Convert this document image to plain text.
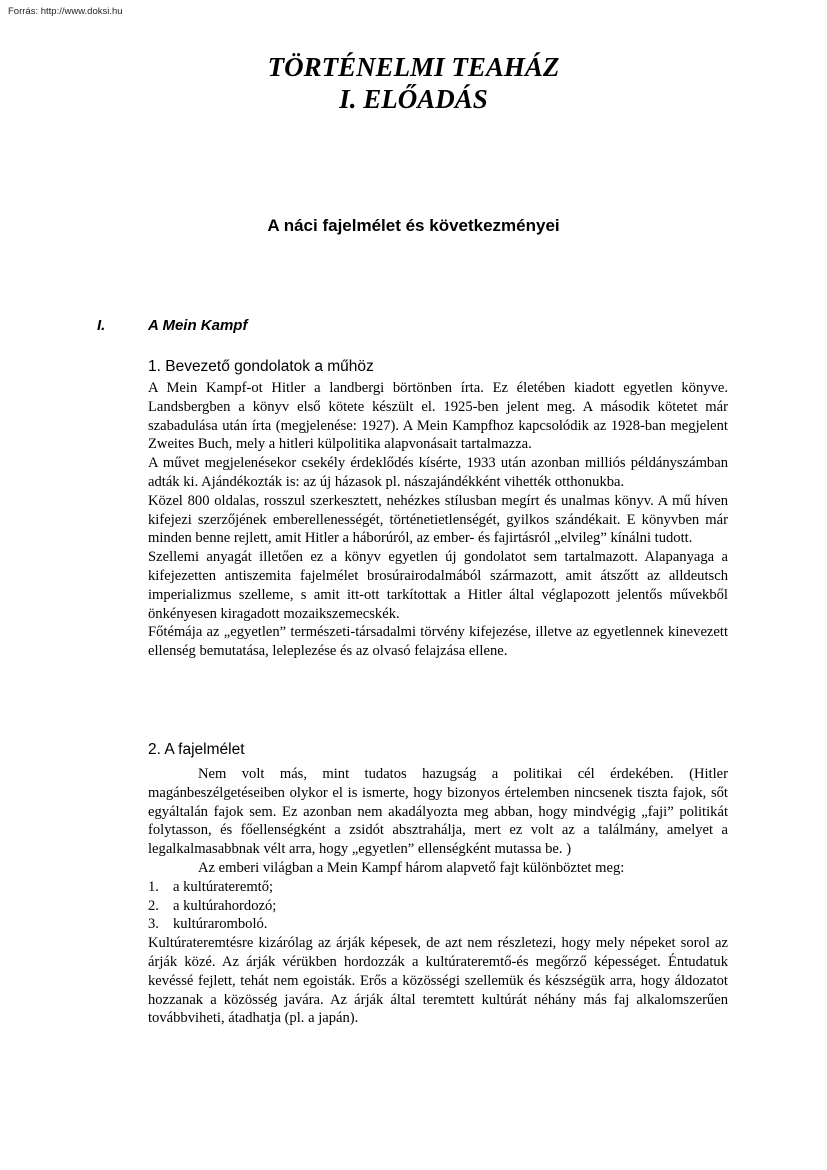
Forrás: http://www.doksi.hu
TÖRTÉNELMI TEAHÁZ
I. ELŐADÁS
A náci fajelmélet és következményei
I.	A Mein Kampf
1. Bevezető gondolatok a műhöz

A Mein Kampf-ot Hitler a landbergi börtönben írta. Ez életében kiadott egyetlen könyve. Landsbergben a könyv első kötete készült el. 1925-ben jelent meg. A második kötetet már szabadulása után írta (megjelenése: 1927). A Mein Kampfhoz kapcsolódik az 1928-ban megjelent Zweites Buch, mely a hitleri külpolitika alapvonásait tartalmazza.

A művet megjelenésekor csekély érdeklődés kísérte, 1933 után azonban milliós példányszámban adták ki. Ajándékozták is: az új házasok pl. nászajándékként vihették otthonukba.

Közel 800 oldalas, rosszul szerkesztett, nehézkes stílusban megírt és unalmas könyv. A mű híven kifejezi szerzőjének emberellenességét, történetietlenségét, gyilkos szándékait. E könyvben már minden benne rejlett, amit Hitler a háborúról, az ember- és fajirtásról „elvileg” kínálni tudott.

Szellemi anyagát illetően ez a könyv egyetlen új gondolatot sem tartalmazott. Alapanyaga a kifejezetten antiszemita fajelmélet brosúrairodalmából származott, amit átszőtt az alldeutsch imperializmus szelleme, s amit itt-ott tarkítottak a Hitler által véglapozott jelentős művekből önkényesen kiragadott mozaikszemecskék.

Főtémája az „egyetlen” természeti-társadalmi törvény kifejezése, illetve az egyetlennek kinevezett ellenség bemutatása, leleplezése és az olvasó felajzása ellene.

2. A fajelmélet

Nem volt más, mint tudatos hazugság a politikai cél érdekében. (Hitler magánbeszélgetéseiben olykor el is ismerte, hogy bizonyos értelemben nincsenek tiszta fajok, sőt egyáltalán fajok sem. Ez azonban nem akadályozta meg abban, hogy mindvégig „faji” politikát folytasson, és főellenségként a zsidót absztrahálja, mert ez volt az a találmány, amelyet a legalkalmasabbnak vélt arra, hogy „egyetlen” ellenségként mutassa be. )

Az emberi világban a Mein Kampf három alapvető fajt különböztet meg:

1. a kultúrateremtő;
2. a kultúrahordozó;
3. kultúraromboló.

Kultúrateremtésre kizárólag az árják képesek, de azt nem részletezi, hogy mely népeket sorol az árják közé. Az árják vérükben hordozzák a kultúrateremtő-és megőrző képességet. Éntudatuk kevéssé fejlett, tehát nem egoisták. Erős a közösségi szellemük és készségük arra, hogy áldozatot hozzanak a közösség javára. Az árják által teremtett kultúrát néhány más faj alkalomszerűen továbbviheti, átadhatja (pl. a japán).
